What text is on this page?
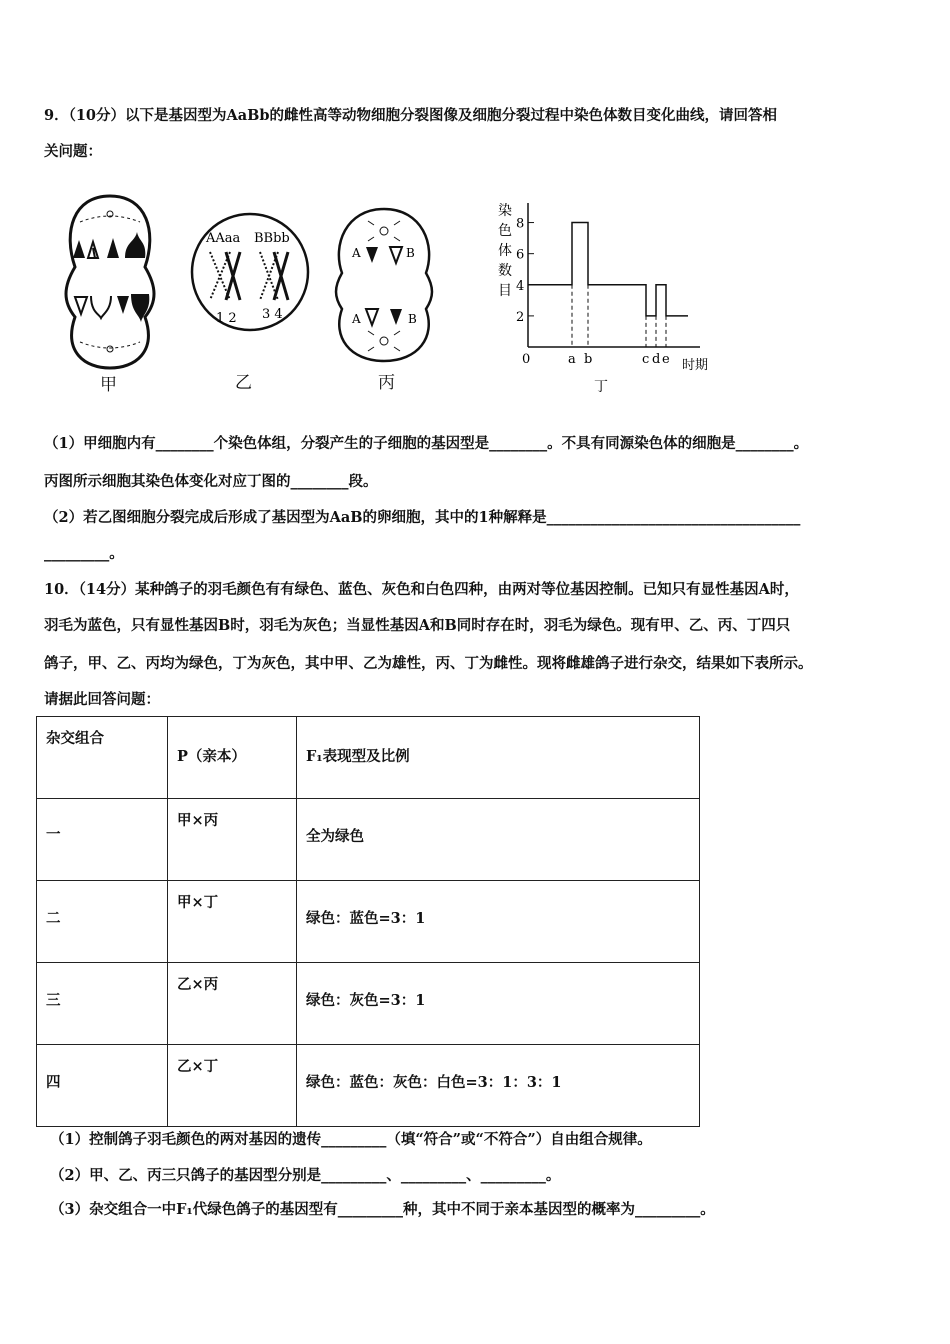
9．（10分）以下是基因型为AaBb的雌性高等动物细胞分裂图像及细胞分裂过程中染色体数目变化曲线，请回答相
关问题：
甲
AAaa BBbb
1 2 3 4
乙
A	B
A	B
丙
染
色
体
数
目
2
4
6
8
0	a b	c d e 时期
丁
（1）甲细胞内有________个染色体组，分裂产生的子细胞的基因型是________。不具有同源染色体的细胞是________。
丙图所示细胞其染色体变化对应丁图的________段。
（2）若乙图细胞分裂完成后形成了基因型为AaB的卵细胞，其中的1种解释是___________________________________
_________。
10．（14分）某种鸽子的羽毛颜色有有绿色、蓝色、灰色和白色四种，由两对等位基因控制。已知只有显性基因A时，
羽毛为蓝色，只有显性基因B时，羽毛为灰色；当显性基因A和B同时存在时，羽毛为绿色。现有甲、乙、丙、丁四只
鸽子，甲、乙、丙均为绿色，丁为灰色，其中甲、乙为雄性，丙、丁为雌性。现将雌雄鸽子进行杂交，结果如下表所示。
请据此回答问题：
杂交组合	P（亲本）	F₁表现型及比例

一	甲×丙	全为绿色

二	甲×丁	绿色：蓝色=3：1

三	乙×丙	绿色：灰色=3：1

四	乙×丁	绿色：蓝色：灰色：白色=3：1：3：1
（1）控制鸽子羽毛颜色的两对基因的遗传_________（填“符合”或“不符合”）自由组合规律。
（2）甲、乙、丙三只鸽子的基因型分别是_________、_________、_________。
（3）杂交组合一中F₁代绿色鸽子的基因型有_________种，其中不同于亲本基因型的概率为_________。
